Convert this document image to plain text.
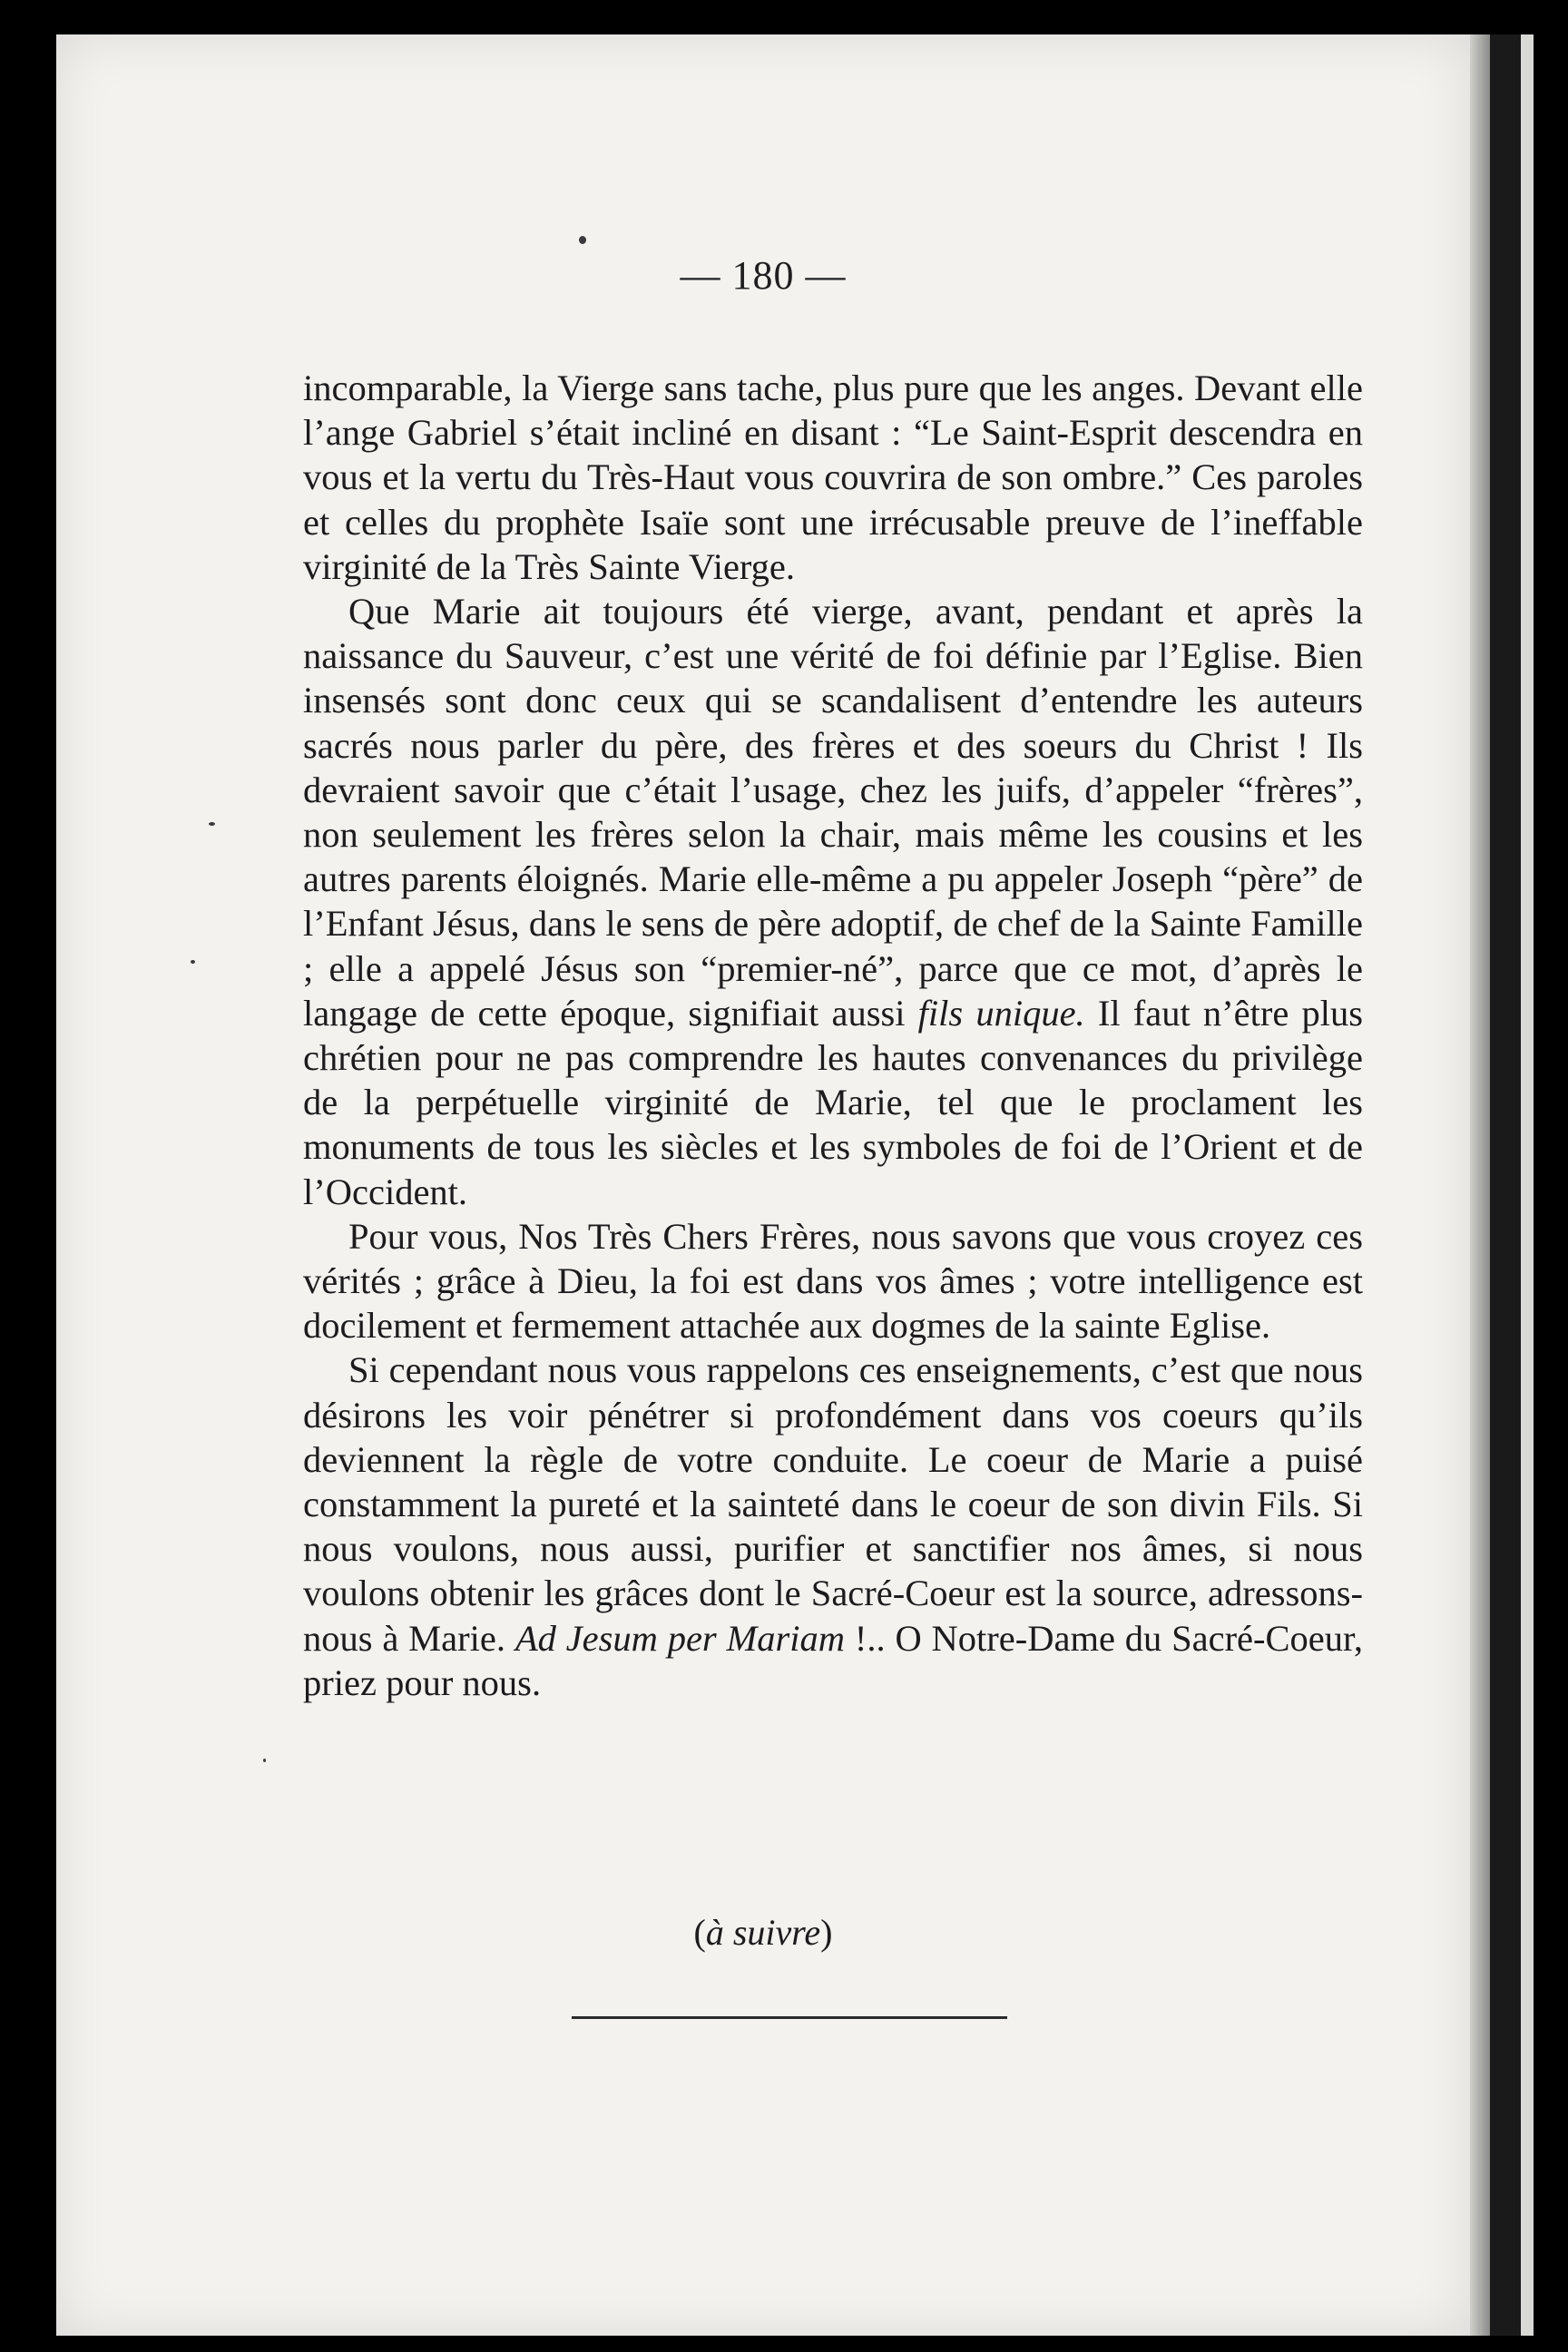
— 180 —

incomparable, la Vierge sans tache, plus pure que les anges. Devant elle l’ange Gabriel s’était incliné en disant : “Le Saint-Esprit descendra en vous et la vertu du Très-Haut vous couvrira de son ombre.” Ces paroles et celles du prophète Isaïe sont une irrécusable preuve de l’ineffable virginité de la Très Sainte Vierge.

Que Marie ait toujours été vierge, avant, pendant et après la naissance du Sauveur, c’est une vérité de foi définie par l’Eglise. Bien insensés sont donc ceux qui se scandalisent d’entendre les auteurs sacrés nous parler du père, des frères et des soeurs du Christ ! Ils devraient savoir que c’était l’usage, chez les juifs, d’appeler “frères”, non seulement les frères selon la chair, mais même les cousins et les autres parents éloignés. Marie elle-même a pu appeler Joseph “père” de l’Enfant Jésus, dans le sens de père adoptif, de chef de la Sainte Famille ; elle a appelé Jésus son “premier-né”, parce que ce mot, d’après le langage de cette époque, signifiait aussi fils unique. Il faut n’être plus chrétien pour ne pas comprendre les hautes convenances du privilège de la perpétuelle virginité de Marie, tel que le proclament les monuments de tous les siècles et les symboles de foi de l’Orient et de l’Occident.

Pour vous, Nos Très Chers Frères, nous savons que vous croyez ces vérités ; grâce à Dieu, la foi est dans vos âmes ; votre intelligence est docilement et fermement attachée aux dogmes de la sainte Eglise.

Si cependant nous vous rappelons ces enseignements, c’est que nous désirons les voir pénétrer si profondément dans vos coeurs qu’ils deviennent la règle de votre conduite. Le coeur de Marie a puisé constamment la pureté et la sainteté dans le coeur de son divin Fils. Si nous voulons, nous aussi, purifier et sanctifier nos âmes, si nous voulons obtenir les grâces dont le Sacré-Coeur est la source, adressons-nous à Marie. Ad Jesum per Mariam !.. O Notre-Dame du Sacré-Coeur, priez pour nous.

(à suivre)
